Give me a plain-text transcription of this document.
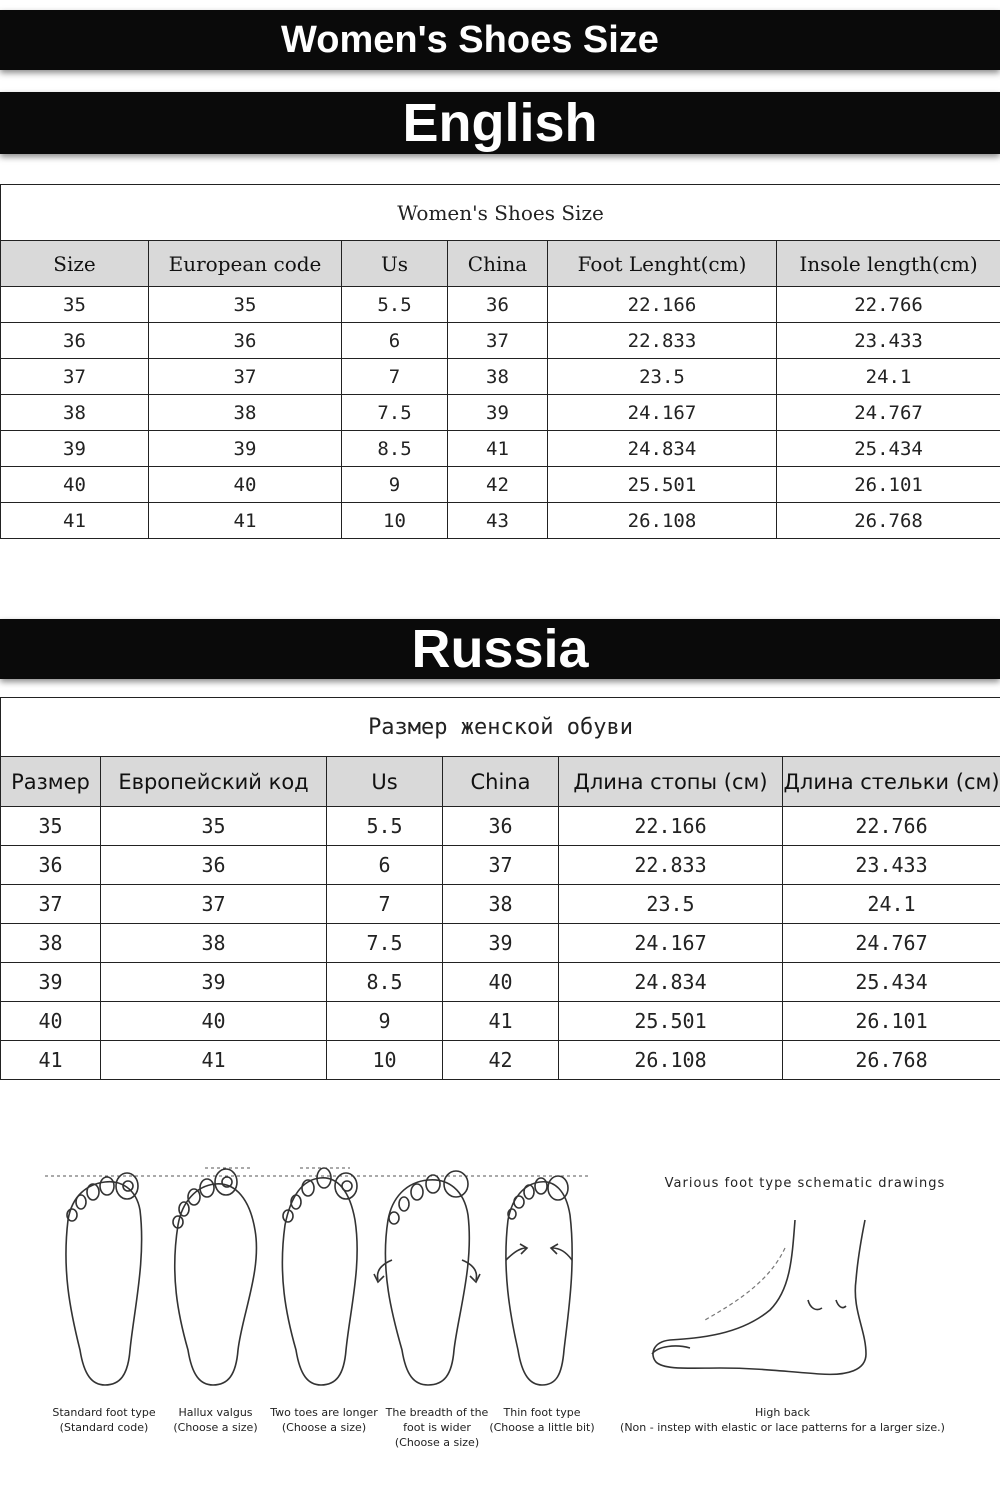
Women's Shoes Size
English
Women's Shoes Size					
Size	European code	Us	China	Foot Lenght(cm)	Insole length(cm)
35	35	5.5	36	22.166	22.766
36	36	6	37	22.833	23.433
37	37	7	38	23.5	24.1
38	38	7.5	39	24.167	24.767
39	39	8.5	41	24.834	25.434
40	40	9	42	25.501	26.101
41	41	10	43	26.108	26.768
Russia
Размер женской обуви					
Размер	Европейский код	Us	China	Длина стопы (см)	Длина стельки (см)
35	35	5.5	36	22.166	22.766
36	36	6	37	22.833	23.433
37	37	7	38	23.5	24.1
38	38	7.5	39	24.167	24.767
39	39	8.5	40	24.834	25.434
40	40	9	41	25.501	26.101
41	41	10	42	26.108	26.768
Standard foot type
(Standard code)
Hallux valgus
(Choose a size)
Two toes are longer
(Choose a size)
The breadth of the
foot is wider
(Choose a size)
Thin foot type
(Choose a little bit)
Various foot type schematic drawings
High back
(Non - instep with elastic or lace patterns for a larger size.)
